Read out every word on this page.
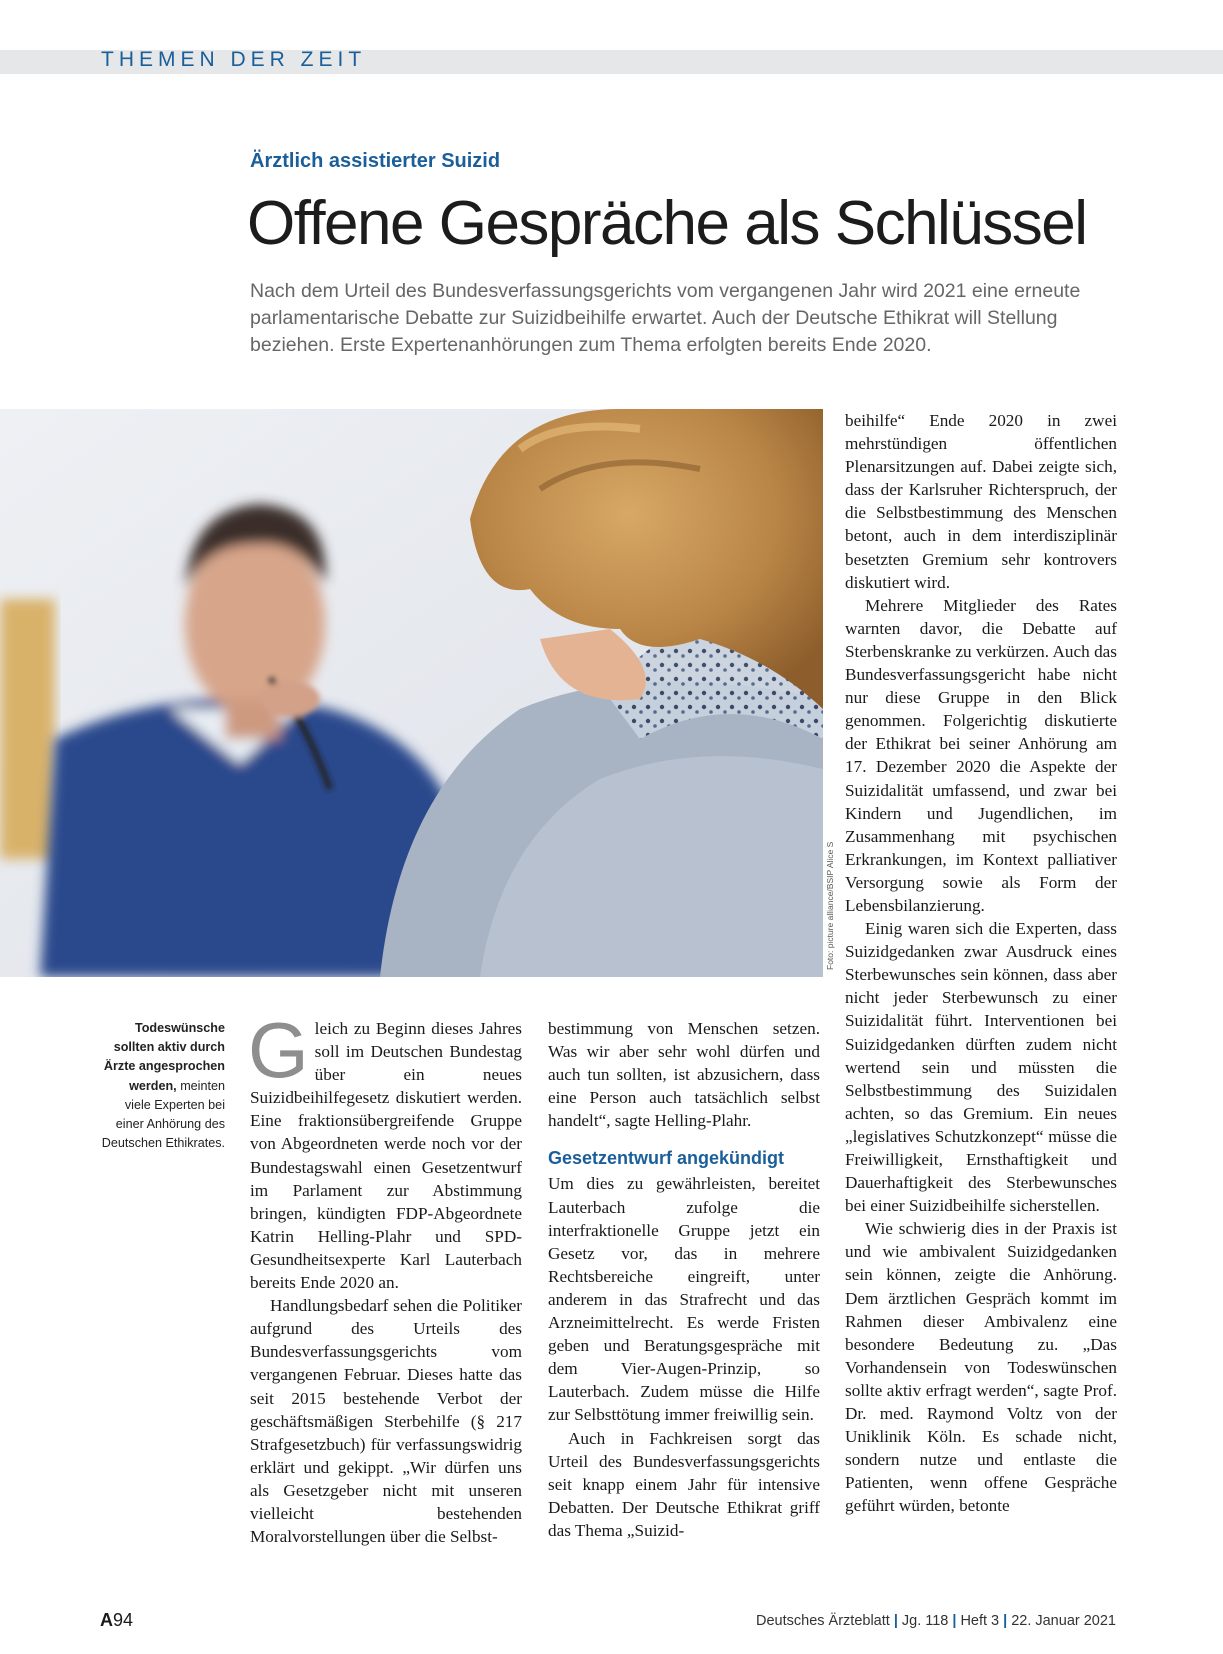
THEMEN DER ZEIT
Ärztlich assistierter Suizid
Offene Gespräche als Schlüssel

Nach dem Urteil des Bundesverfassungsgerichts vom vergangenen Jahr wird 2021 eine erneute parlamentarische Debatte zur Suizidbeihilfe erwartet. Auch der Deutsche Ethikrat will Stellung beziehen. Erste Expertenanhörungen zum Thema erfolgten bereits Ende 2020.

Foto: picture alliance/BSIP Alice S
Todeswünsche sollten aktiv durch Ärzte angesprochen werden, meinten viele Experten bei einer Anhörung des Deutschen Ethikrates.

Gleich zu Beginn dieses Jahres soll im Deutschen Bundestag über ein neues Suizidbeihilfegesetz diskutiert werden. Eine fraktionsübergreifende Gruppe von Abgeordneten werde noch vor der Bundestagswahl einen Gesetzentwurf im Parlament zur Abstimmung bringen, kündigten FDP-Abgeordnete Katrin Helling-Plahr und SPD-Gesundheitsexperte Karl Lauterbach bereits Ende 2020 an.

Handlungsbedarf sehen die Politiker aufgrund des Urteils des Bundesverfassungsgerichts vom vergangenen Februar. Dieses hatte das seit 2015 bestehende Verbot der geschäftsmäßigen Sterbehilfe (§ 217 Strafgesetzbuch) für verfassungswidrig erklärt und gekippt. „Wir dürfen uns als Gesetzgeber nicht mit unseren vielleicht bestehenden Moralvorstellungen über die Selbst-

bestimmung von Menschen setzen. Was wir aber sehr wohl dürfen und auch tun sollten, ist abzusichern, dass eine Person auch tatsächlich selbst handelt“, sagte Helling-Plahr.

Gesetzentwurf angekündigt

Um dies zu gewährleisten, bereitet Lauterbach zufolge die interfraktionelle Gruppe jetzt ein Gesetz vor, das in mehrere Rechtsbereiche eingreift, unter anderem in das Strafrecht und das Arzneimittelrecht. Es werde Fristen geben und Beratungsgespräche mit dem Vier-Augen-Prinzip, so Lauterbach. Zudem müsse die Hilfe zur Selbsttötung immer freiwillig sein.

Auch in Fachkreisen sorgt das Urteil des Bundesverfassungsgerichts seit knapp einem Jahr für intensive Debatten. Der Deutsche Ethikrat griff das Thema „Suizid-

beihilfe“ Ende 2020 in zwei mehrstündigen öffentlichen Plenarsitzungen auf. Dabei zeigte sich, dass der Karlsruher Richterspruch, der die Selbstbestimmung des Menschen betont, auch in dem interdisziplinär besetzten Gremium sehr kontrovers diskutiert wird.

Mehrere Mitglieder des Rates warnten davor, die Debatte auf Sterbenskranke zu verkürzen. Auch das Bundesverfassungsgericht habe nicht nur diese Gruppe in den Blick genommen. Folgerichtig diskutierte der Ethikrat bei seiner Anhörung am 17. Dezember 2020 die Aspekte der Suizidalität umfassend, und zwar bei Kindern und Jugendlichen, im Zusammenhang mit psychischen Erkrankungen, im Kontext palliativer Versorgung sowie als Form der Lebensbilanzierung.

Einig waren sich die Experten, dass Suizidgedanken zwar Ausdruck eines Sterbewunsches sein können, dass aber nicht jeder Sterbewunsch zu einer Suizidalität führt. Interventionen bei Suizidgedanken dürften zudem nicht wertend sein und müssten die Selbstbestimmung des Suizidalen achten, so das Gremium. Ein neues „legislatives Schutzkonzept“ müsse die Freiwilligkeit, Ernsthaftigkeit und Dauerhaftigkeit des Sterbewunsches bei einer Suizidbeihilfe sicherstellen.

Wie schwierig dies in der Praxis ist und wie ambivalent Suizidgedanken sein können, zeigte die Anhörung. Dem ärztlichen Gespräch kommt im Rahmen dieser Ambivalenz eine besondere Bedeutung zu. „Das Vorhandensein von Todeswünschen sollte aktiv erfragt werden“, sagte Prof. Dr. med. Raymond Voltz von der Uniklinik Köln. Es schade nicht, sondern nutze und entlaste die Patienten, wenn offene Gespräche geführt würden, betonte

A94	Deutsches Ärzteblatt | Jg. 118 | Heft 3 | 22. Januar 2021
